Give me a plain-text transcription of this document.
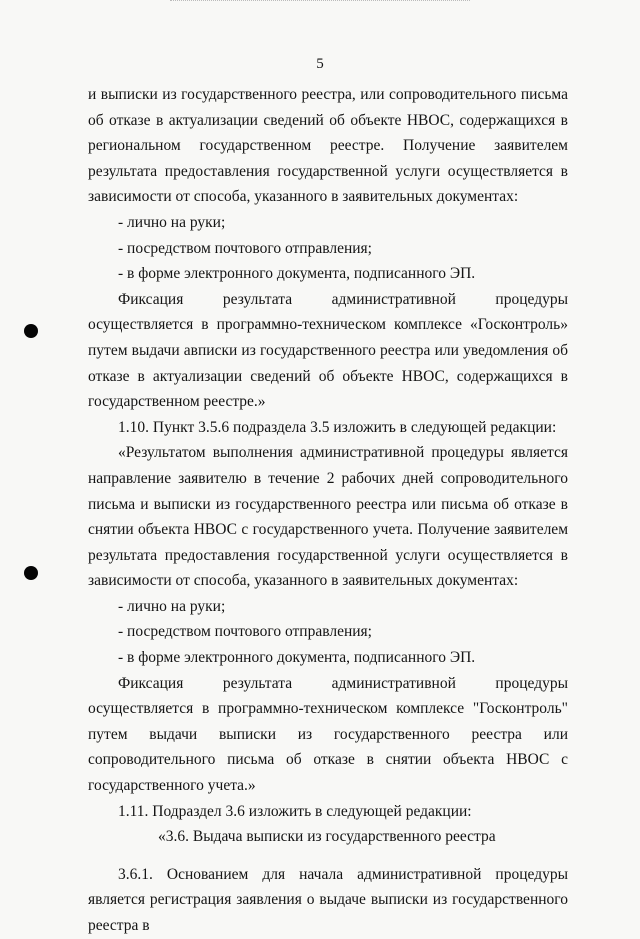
5

и выписки из государственного реестра, или сопроводительного письма об отказе в актуализации сведений об объекте НВОС, содержащихся в региональном государственном реестре. Получение заявителем результата предоставления государственной услуги осуществляется в зависимости от способа, указанного в заявительных документах:

- лично на руки;

- посредством почтового отправления;

- в форме электронного документа, подписанного ЭП.

Фиксация результата административной процедуры осуществляется в программно-техническом комплексе «Госконтроль» путем выдачи авписки из государственного реестра или уведомления об отказе в актуализации сведений об объекте НВОС, содержащихся в государственном реестре.»

1.10. Пункт 3.5.6 подраздела 3.5 изложить в следующей редакции:

«Результатом выполнения административной процедуры является направление заявителю в течение 2 рабочих дней сопроводительного письма и выписки из государственного реестра или письма об отказе в снятии объекта НВОС с государственного учета. Получение заявителем результата предоставления государственной услуги осуществляется в зависимости от способа, указанного в заявительных документах:

- лично на руки;

- посредством почтового отправления;

- в форме электронного документа, подписанного ЭП.

Фиксация результата административной процедуры осуществляется в программно-техническом комплексе "Госконтроль" путем выдачи выписки из государственного реестра или сопроводительного письма об отказе в снятии объекта НВОС с государственного учета.»

1.11. Подраздел 3.6 изложить в следующей редакции:

«3.6. Выдача выписки из государственного реестра

3.6.1. Основанием для начала административной процедуры является регистрация заявления о выдаче выписки из государственного реестра в
